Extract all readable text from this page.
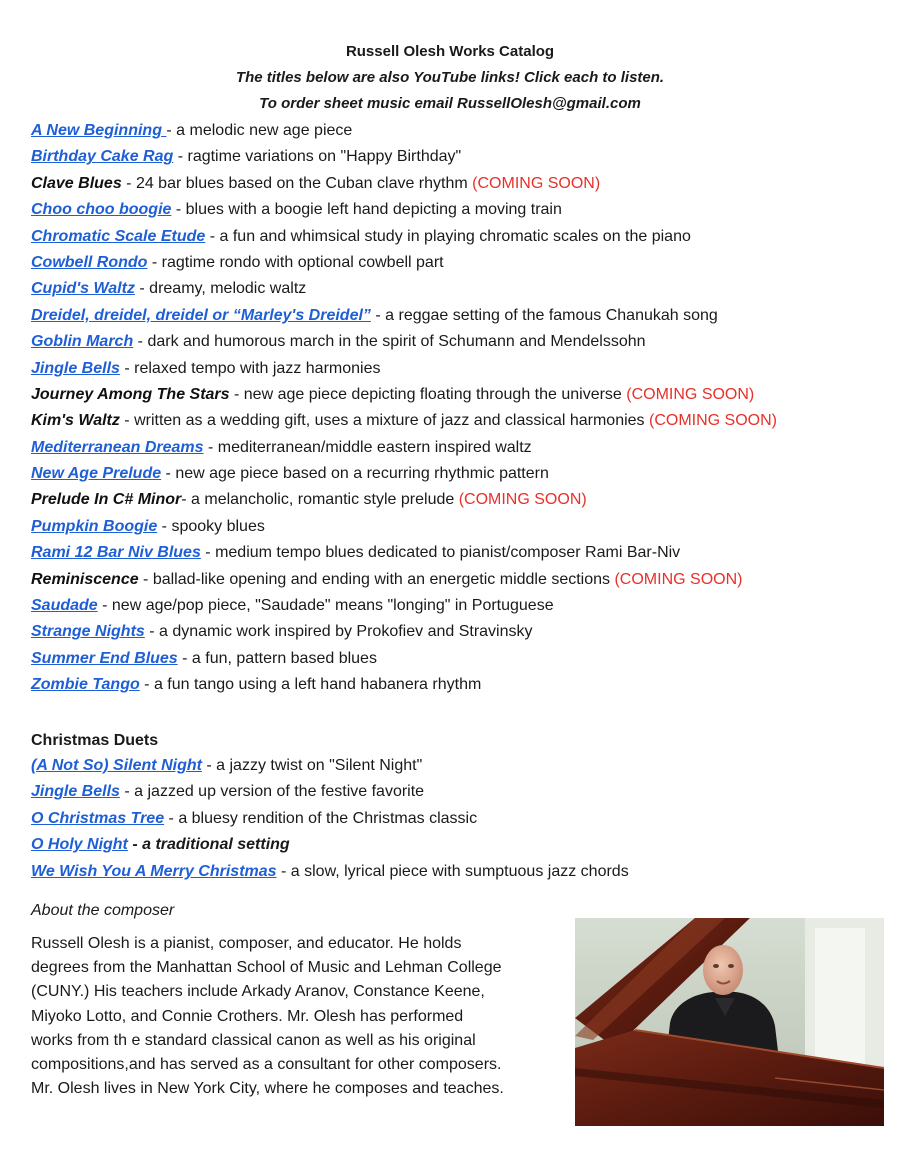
Russell Olesh Works Catalog
The titles below are also YouTube links! Click each to listen.
To order sheet music email RussellOlesh@gmail.com
A New Beginning - a melodic new age piece
Birthday Cake Rag - ragtime variations on "Happy Birthday"
Clave Blues - 24 bar blues based on the Cuban clave rhythm (COMING SOON)
Choo choo boogie - blues with a boogie left hand depicting a moving train
Chromatic Scale Etude - a fun and whimsical study in playing chromatic scales on the piano
Cowbell Rondo - ragtime rondo with optional cowbell part
Cupid's Waltz - dreamy, melodic waltz
Dreidel, dreidel, dreidel or “Marley's Dreidel” - a reggae setting of the famous Chanukah song
Goblin March - dark and humorous march in the spirit of Schumann and Mendelssohn
Jingle Bells - relaxed tempo with jazz harmonies
Journey Among The Stars - new age piece depicting floating through the universe (COMING SOON)
Kim's Waltz - written as a wedding gift, uses a mixture of jazz and classical harmonies (COMING SOON)
Mediterranean Dreams - mediterranean/middle eastern inspired waltz
New Age Prelude - new age piece based on a recurring rhythmic pattern
Prelude In C# Minor- a melancholic, romantic style prelude (COMING SOON)
Pumpkin Boogie - spooky blues
Rami 12 Bar Niv Blues - medium tempo blues dedicated to pianist/composer Rami Bar-Niv
Reminiscence - ballad-like opening and ending with an energetic middle sections (COMING SOON)
Saudade - new age/pop piece, "Saudade" means "longing" in Portuguese
Strange Nights - a dynamic work inspired by Prokofiev and Stravinsky
Summer End Blues - a fun, pattern based blues
Zombie Tango - a fun tango using a left hand habanera rhythm
Christmas Duets
(A Not So) Silent Night - a jazzy twist on "Silent Night"
Jingle Bells - a jazzed up version of the festive favorite
O Christmas Tree - a bluesy rendition of the Christmas classic
O Holy Night - a traditional setting
We Wish You A Merry Christmas - a slow, lyrical piece with sumptuous jazz chords
About the composer
Russell Olesh is a pianist, composer, and educator. He holds
degrees from the Manhattan School of Music and Lehman College
(CUNY.) His teachers include Arkady Aranov, Constance Keene,
Miyoko Lotto, and Connie Crothers. Mr. Olesh has performed
works from th e standard classical canon as well as his original
compositions,and has served as a consultant for other composers.
Mr. Olesh lives in New York City, where he composes and teaches.
